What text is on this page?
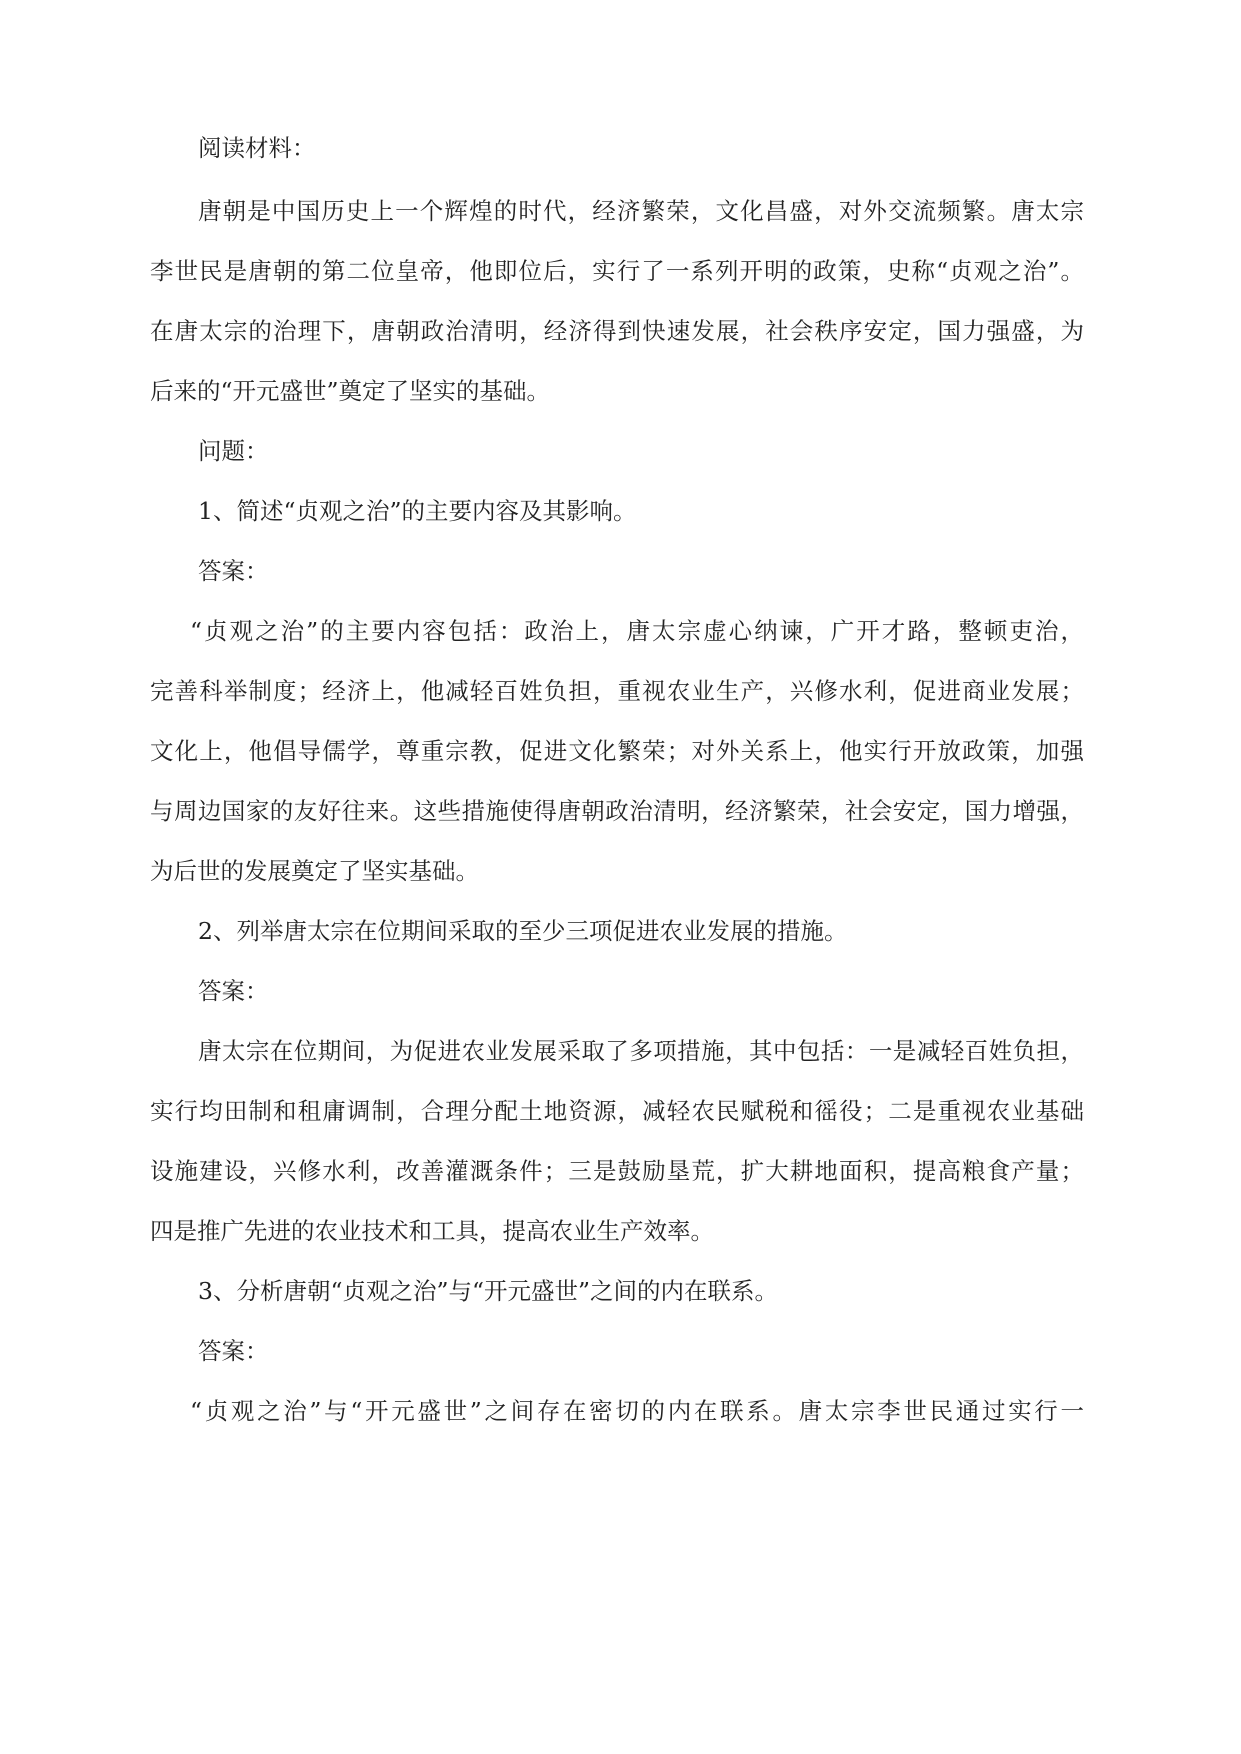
阅读材料：
唐朝是中国历史上一个辉煌的时代，经济繁荣，文化昌盛，对外交流频繁。唐太宗
李世民是唐朝的第二位皇帝，他即位后，实行了一系列开明的政策，史称“贞观之治”。
在唐太宗的治理下，唐朝政治清明，经济得到快速发展，社会秩序安定，国力强盛，为
后来的“开元盛世”奠定了坚实的基础。
问题：
1、简述“贞观之治”的主要内容及其影响。
答案：
“贞观之治”的主要内容包括：政治上，唐太宗虚心纳谏，广开才路，整顿吏治，
完善科举制度；经济上，他减轻百姓负担，重视农业生产，兴修水利，促进商业发展；
文化上，他倡导儒学，尊重宗教，促进文化繁荣；对外关系上，他实行开放政策，加强
与周边国家的友好往来。这些措施使得唐朝政治清明，经济繁荣，社会安定，国力增强，
为后世的发展奠定了坚实基础。
2、列举唐太宗在位期间采取的至少三项促进农业发展的措施。
答案：
唐太宗在位期间，为促进农业发展采取了多项措施，其中包括：一是减轻百姓负担，
实行均田制和租庸调制，合理分配土地资源，减轻农民赋税和徭役；二是重视农业基础
设施建设，兴修水利，改善灌溉条件；三是鼓励垦荒，扩大耕地面积，提高粮食产量；
四是推广先进的农业技术和工具，提高农业生产效率。
3、分析唐朝“贞观之治”与“开元盛世”之间的内在联系。
答案：
“贞观之治”与“开元盛世”之间存在密切的内在联系。唐太宗李世民通过实行一
